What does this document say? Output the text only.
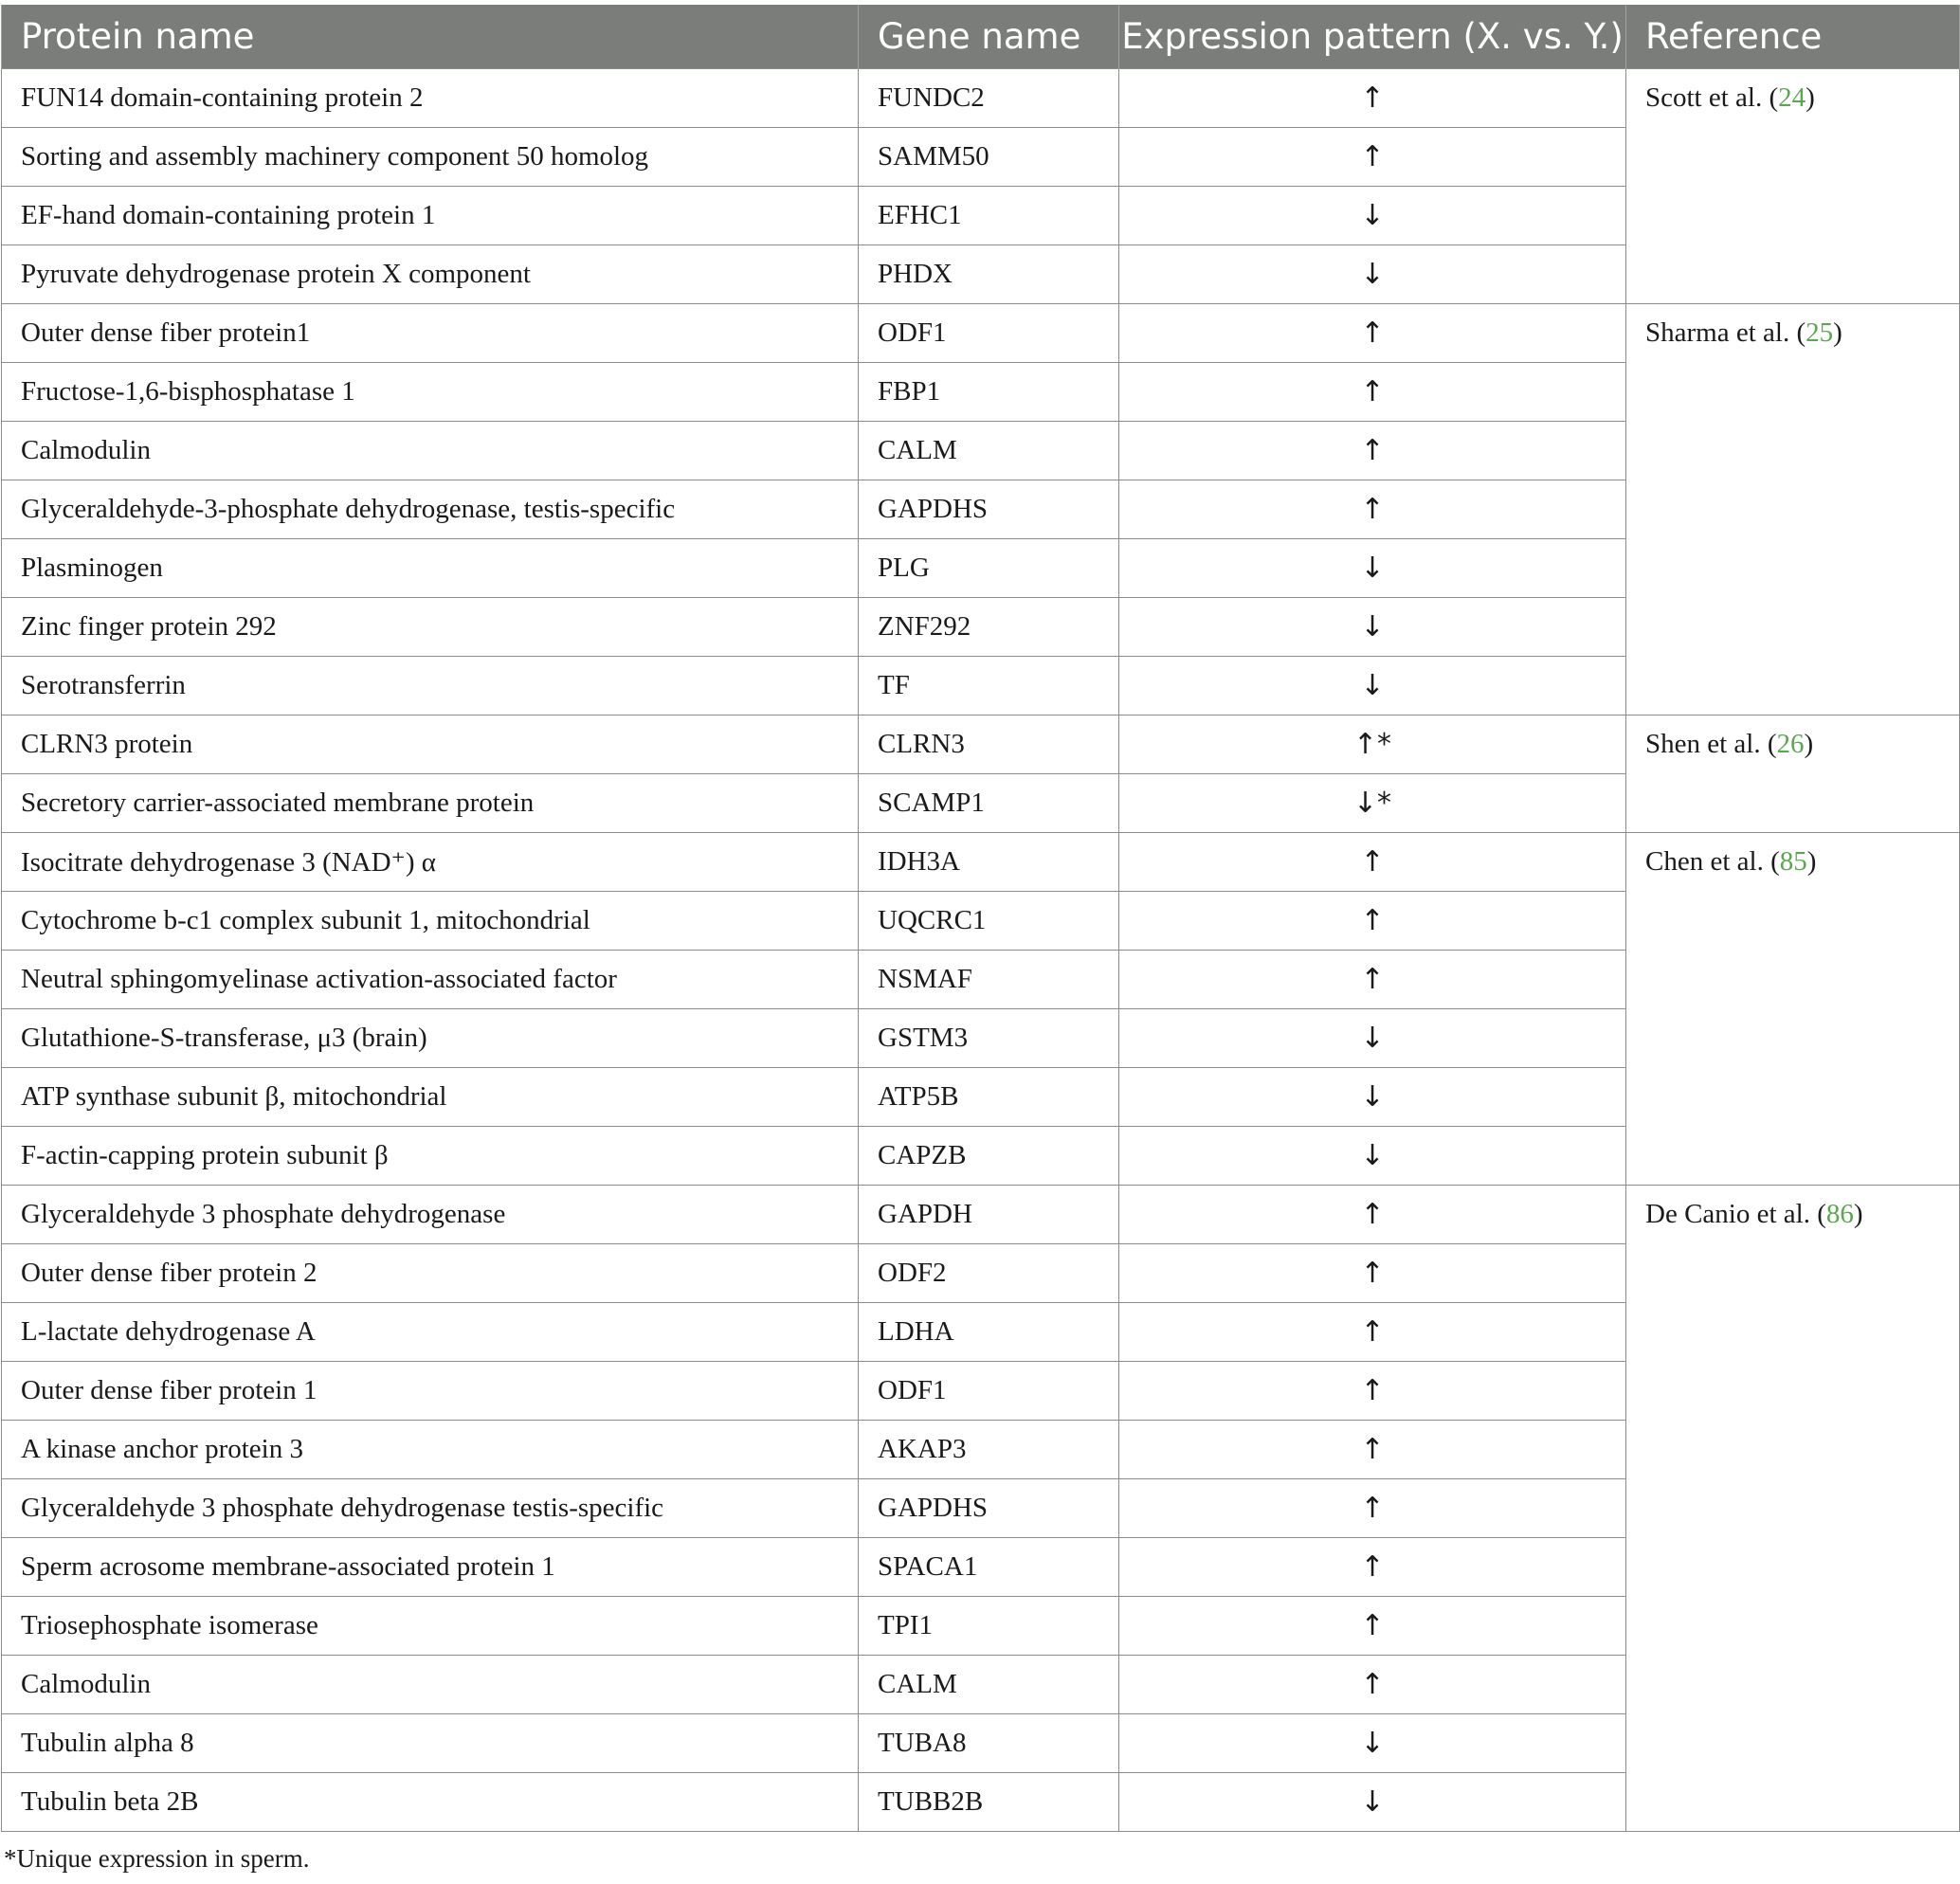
Protein name	Gene name	Expression pattern (X. vs. Y.)	Reference
FUN14 domain-containing protein 2	FUNDC2	↑	Scott et al. (24)
Sorting and assembly machinery component 50 homolog	SAMM50	↑	
EF-hand domain-containing protein 1	EFHC1	↓	
Pyruvate dehydrogenase protein X component	PHDX	↓	
Outer dense fiber protein1	ODF1	↑	Sharma et al. (25)
Fructose-1,6-bisphosphatase 1	FBP1	↑	
Calmodulin	CALM	↑	
Glyceraldehyde-3-phosphate dehydrogenase, testis-specific	GAPDHS	↑	
Plasminogen	PLG	↓	
Zinc finger protein 292	ZNF292	↓	
Serotransferrin	TF	↓	
CLRN3 protein	CLRN3	↑*	Shen et al. (26)
Secretory carrier-associated membrane protein	SCAMP1	↓*	
Isocitrate dehydrogenase 3 (NAD⁺) α	IDH3A	↑	Chen et al. (85)
Cytochrome b-c1 complex subunit 1, mitochondrial	UQCRC1	↑	
Neutral sphingomyelinase activation-associated factor	NSMAF	↑	
Glutathione-S-transferase, μ3 (brain)	GSTM3	↓	
ATP synthase subunit β, mitochondrial	ATP5B	↓	
F-actin-capping protein subunit β	CAPZB	↓	
Glyceraldehyde 3 phosphate dehydrogenase	GAPDH	↑	De Canio et al. (86)
Outer dense fiber protein 2	ODF2	↑	
L-lactate dehydrogenase A	LDHA	↑	
Outer dense fiber protein 1	ODF1	↑	
A kinase anchor protein 3	AKAP3	↑	
Glyceraldehyde 3 phosphate dehydrogenase testis-specific	GAPDHS	↑	
Sperm acrosome membrane-associated protein 1	SPACA1	↑	
Triosephosphate isomerase	TPI1	↑	
Calmodulin	CALM	↑	
Tubulin alpha 8	TUBA8	↓	
Tubulin beta 2B	TUBB2B	↓	
*Unique expression in sperm.
